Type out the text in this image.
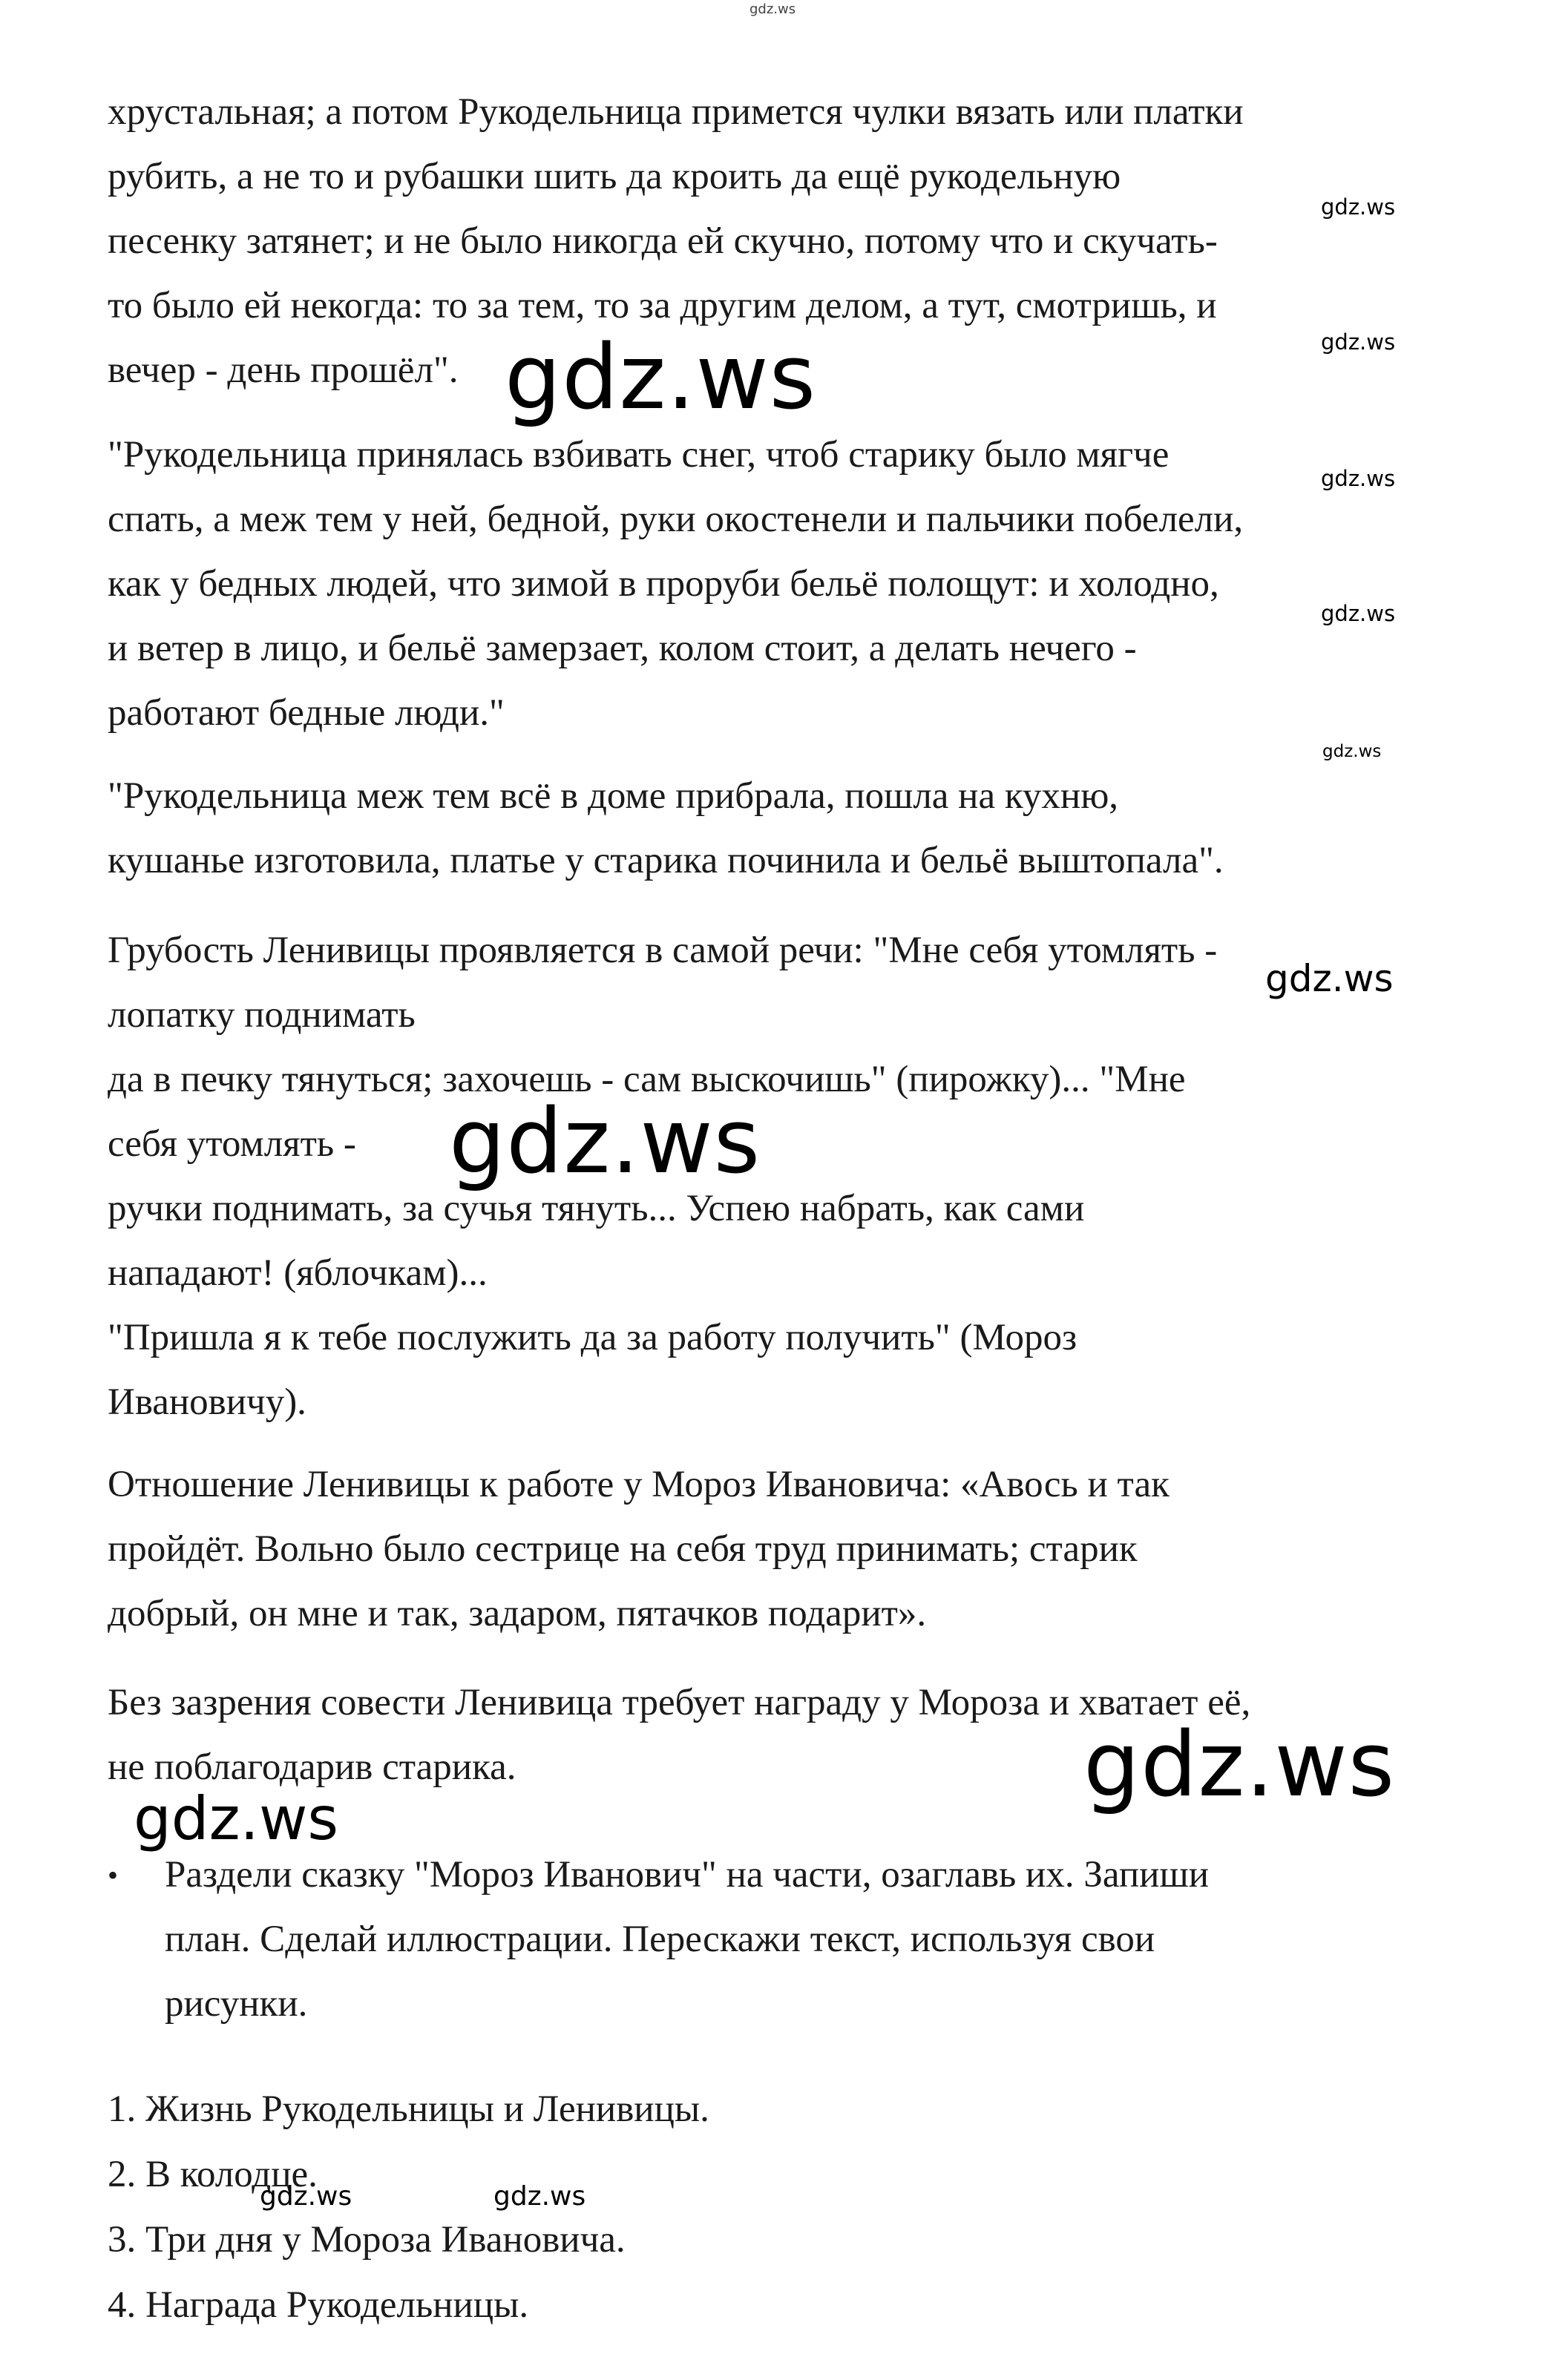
gdz.ws

хрустальная; а потом Рукодельница примется чулки вязать или платки
рубить, а не то и рубашки шить да кроить да ещё рукодельную
песенку затянет; и не было никогда ей скучно, потому что и скучать-
то было ей некогда: то за тем, то за другим делом, а тут, смотришь, и
вечер - день прошёл".

"Рукодельница принялась взбивать снег, чтоб старику было мягче
спать, а меж тем у ней, бедной, руки окостенели и пальчики побелели,
как у бедных людей, что зимой в проруби бельё полощут: и холодно,
и ветер в лицо, и бельё замерзает, колом стоит, а делать нечего -
работают бедные люди."

"Рукодельница меж тем всё в доме прибрала, пошла на кухню,
кушанье изготовила, платье у старика починила и бельё выштопала".

Грубость Ленивицы проявляется в самой речи: "Мне себя утомлять -
лопатку поднимать
да в печку тянуться; захочешь - сам выскочишь" (пирожку)... "Мне
себя утомлять -
ручки поднимать, за сучья тянуть... Успею набрать, как сами
нападают! (яблочкам)...
"Пришла я к тебе послужить да за работу получить" (Мороз
Ивановичу).

Отношение Ленивицы к работе у Мороз Ивановича: «Авось и так
пройдёт. Вольно было сестрице на себя труд принимать; старик
добрый, он мне и так, задаром, пятачков подарит».

Без зазрения совести Ленивица требует награду у Мороза и хватает её,
не поблагодарив старика.

• Раздели сказку "Мороз Иванович" на части, озаглавь их. Запиши
план. Сделай иллюстрации. Перескажи текст, используя свои
рисунки.
1. Жизнь Рукодельницы и Ленивицы.
2. В колодце.
3. Три дня у Мороза Ивановича.
4. Награда Рукодельницы.
gdz.ws
gdz.ws
gdz.ws
gdz.ws
gdz.ws
gdz.ws
gdz.ws
gdz.ws
gdz.ws
gdz.ws
gdz.ws	gdz.ws
